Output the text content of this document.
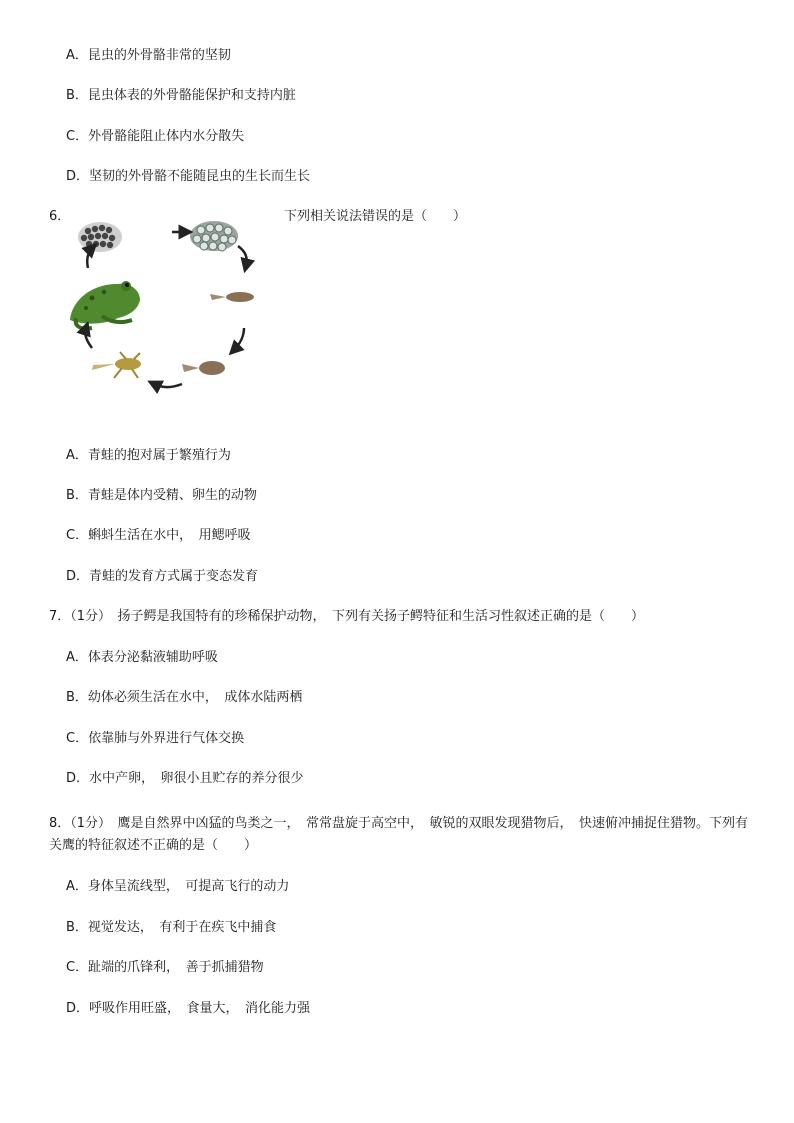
A．昆虫的外骨骼非常的坚韧
B．昆虫体表的外骨骼能保护和支持内脏
C．外骨骼能阻止体内水分散失
D．坚韧的外骨骼不能随昆虫的生长而生长
6．	下列相关说法错误的是（　　）
A．青蛙的抱对属于繁殖行为
B．青蛙是体内受精、卵生的动物
C．蝌蚪生活在水中，　用鳃呼吸
D．青蛙的发育方式属于变态发育
7．（1分）　扬子鳄是我国特有的珍稀保护动物，　下列有关扬子鳄特征和生活习性叙述正确的是（　　）
A．体表分泌黏液辅助呼吸
B．幼体必须生活在水中，　成体水陆两栖
C．依靠肺与外界进行气体交换
D．水中产卵，　卵很小且贮存的养分很少
8．（1分）　鹰是自然界中凶猛的鸟类之一，　常常盘旋于高空中，　敏锐的双眼发现猎物后，　快速俯冲捕捉住猎物。下列有关鹰的特征叙述不正确的是（　　）
A．身体呈流线型，　可提高飞行的动力
B．视觉发达，　有利于在疾飞中捕食
C．趾端的爪锋利，　善于抓捕猎物
D．呼吸作用旺盛，　食量大，　消化能力强
